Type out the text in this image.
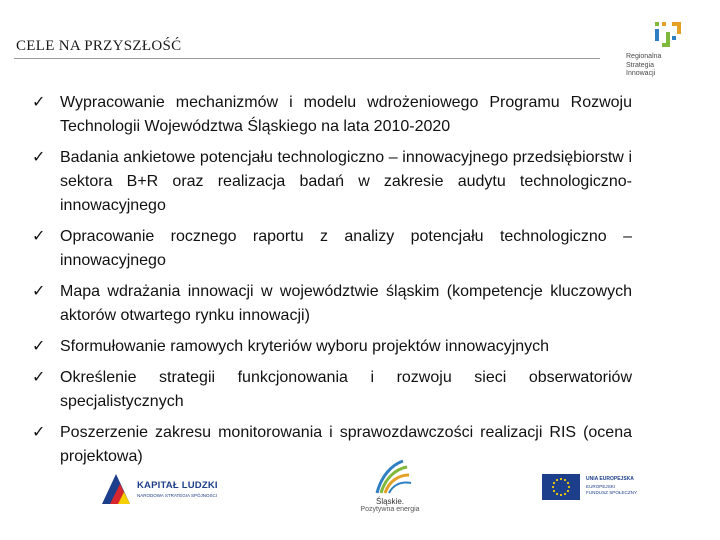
CELE NA PRZYSZŁOŚĆ
Regionalna
Strategia
Innowacji
✓ Wypracowanie mechanizmów i modelu wdrożeniowego Programu Rozwoju Technologii Województwa Śląskiego na lata 2010-2020
✓ Badania ankietowe potencjału technologiczno – innowacyjnego przedsiębiorstw i sektora B+R oraz realizacja badań w zakresie audytu technologiczno-innowacyjnego
✓ Opracowanie rocznego raportu z analizy potencjału technologiczno – innowacyjnego
✓ Mapa wdrażania innowacji w województwie śląskim (kompetencje kluczowych aktorów otwartego rynku innowacji)
✓ Sformułowanie ramowych kryteriów wyboru projektów innowacyjnych
✓ Określenie strategii funkcjonowania i rozwoju sieci obserwatoriów specjalistycznych
✓ Poszerzenie zakresu monitorowania i sprawozdawczości realizacji RIS (ocena projektowa)
KAPITAŁ LUDZKI
NARODOWA STRATEGIA SPÓJNOŚCI
Śląskie.
Pozytywna energia
UNIA EUROPEJSKA
EUROPEJSKI
FUNDUSZ SPOŁECZNY
